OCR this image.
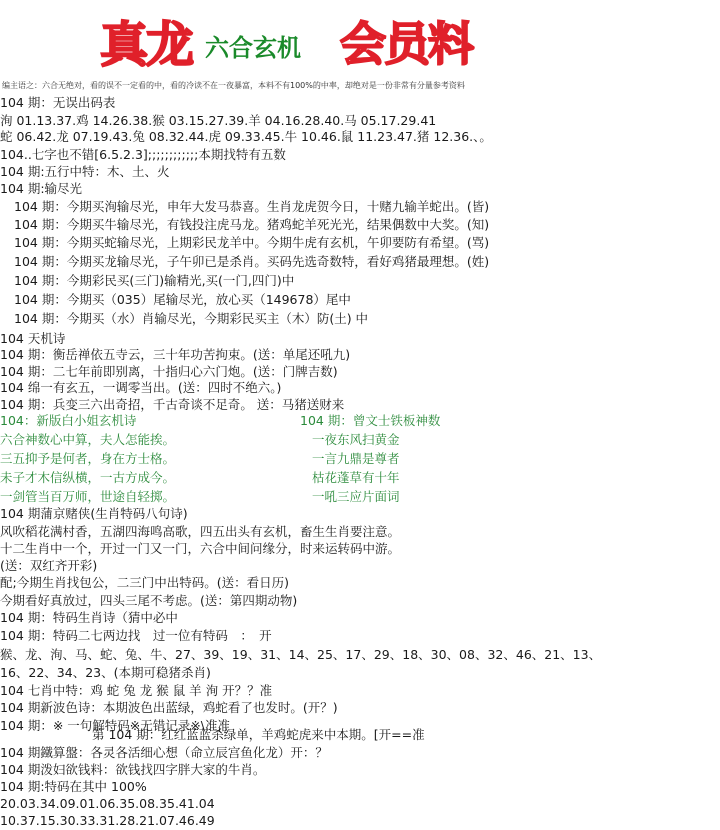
真龙 六合玄机 会员料
编主语之：六合无绝对，看的误不一定看的中，看的冷读不在一夜暴富，本料不有100%的中率，却绝对是一份非常有分量参考资料
104 期：无误出码表
洵 01.13.37.鸡 14.26.38.猴 03.15.27.39.羊 04.16.28.40.马 05.17.29.41
蛇 06.42.龙 07.19.43.兔 08.32.44.虎 09.33.45.牛 10.46.鼠 11.23.47.猪 12.36.、。
104..七字也不错[6.5.2.3];;;;;;;;;;;;本期找特有五数
104 期:五行中特：木、土、火
104 期:输尽光
104 期：今期买洵输尽光，申年大发马恭喜。生肖龙虎贺今日，十赌九输羊蛇出。(皆)
104 期：今期买牛输尽光，有钱投注虎马龙。猪鸡蛇羊死光光，结果偶数中大奖。(知)
104 期：今期买蛇输尽光，上期彩民龙羊中。今期牛虎有玄机，午卯要防有希望。(骂)
104 期：今期买龙输尽光，子午卯已是杀肖。买码先选奇数特，看好鸡猪最理想。(姓)
104 期：今期彩民买(三门)输精光,买(一门,四门)中
104 期：今期买（035）尾输尽光，放心买（149678）尾中
104 期：今期买（水）肖输尽光，今期彩民买主（木）防(土) 中
104 天机诗
104 期：衡岳禅依五寺云，三十年功苦拘束。(送：单尾还吼九)
104 期：二七年前即别离，十指归心六门炮。(送：门牌吉数)
104 绵一有玄五，一调零当出。(送：四时不绝六。)
104 期：兵变三六出奇招，千古奇谈不足奇。 送：马猪送财来
104：新版白小姐玄机诗
六合神数心中算，夫人怎能挨。
三五抑予是何者，身在方士格。
未子才木信纵横，一古方成今。
一剑管当百万师，世途自轻掷。
104 期：曾文士铁板神数
一夜东风扫黄金
一言九鼎是尊者
枯花蓬草有十年
一吼三应片面词
104 期蒲京赌侠(生肖特码八句诗)
风吹稻花满村香，五湖四海鸣高歌，四五出头有玄机，畜生生肖要注意。
十二生肖中一个，开过一门又一门，六合中间问缘分，时来运转码中游。
(送：双红齐开彩)
配;今期生肖找包公，二三门中出特码。(送：看日历)
今期看好真放过，四头三尾不考虑。(送：第四期动物)
104 期：特码生肖诗（猜中必中
104 期：特码二七两边找　过一位有特码　：　开
猴、龙、洵、马、蛇、兔、牛、27、39、19、31、14、25、17、29、18、30、08、32、46、21、13、
16、22、34、23、(本期可稳猪杀肖)
104 七肖中特：鸡 蛇 兔 龙 猴 鼠 羊 洵 开？？准
104 期新波色诗：本期波色出蓝绿，鸡蛇看了也发时。(开？)
104 期：※ 一句解特码※无错记录※\准准
第 104 期：红红蓝蓝杀绿单，羊鸡蛇虎来中本期。[开==准
104 期鐵算盤：各灵各活细心想（命立辰宫鱼化龙）开：？
104 期泼妇欲钱料：欲钱找四字胖大家的牛肖。
104 期:特码在其中 100%
20.03.34.09.01.06.35.08.35.41.04
10.37.15.30.33.31.28.21.07.46.49
